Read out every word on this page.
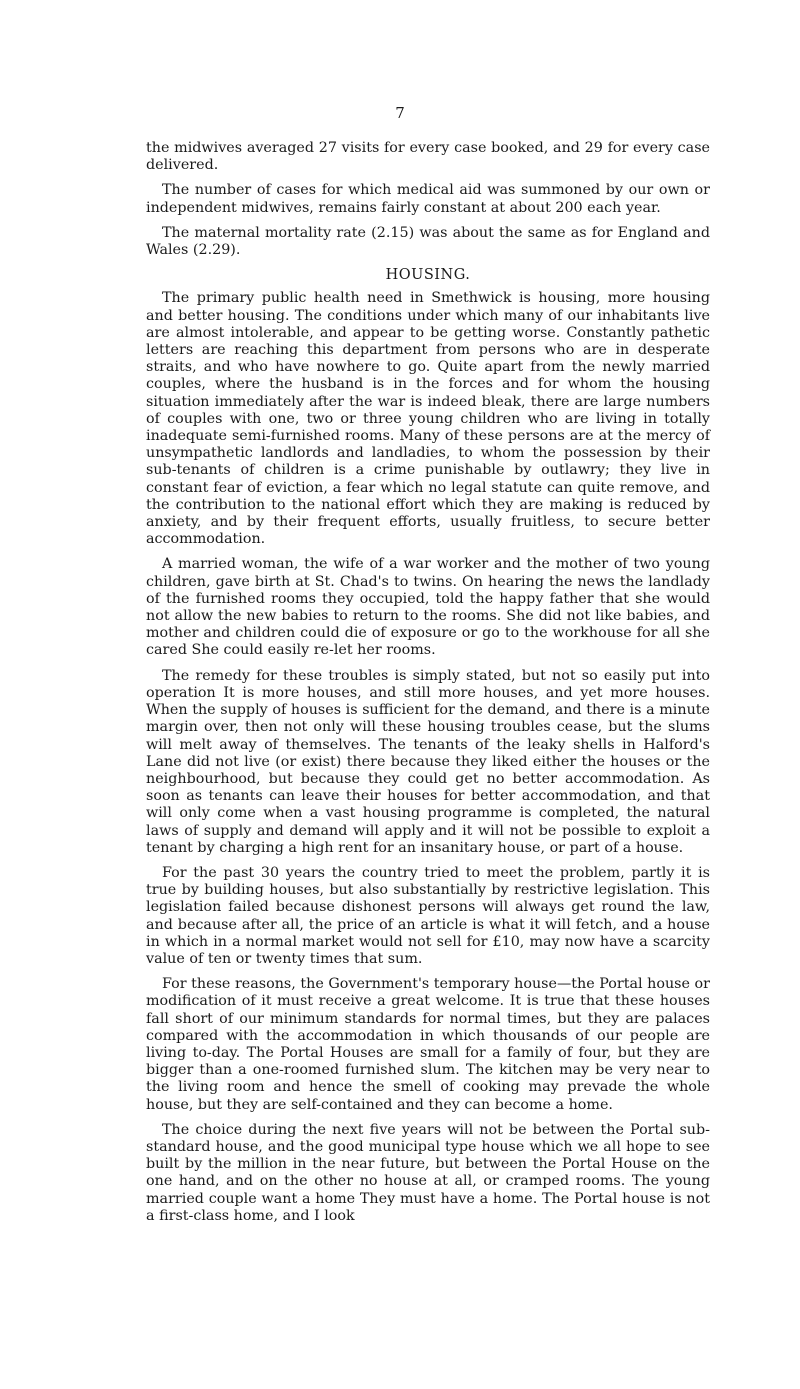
7

the midwives averaged 27 visits for every case booked, and 29 for every case delivered.

The number of cases for which medical aid was summoned by our own or independent midwives, remains fairly constant at about 200 each year.

The maternal mortality rate (2.15) was about the same as for England and Wales (2.29).

HOUSING.

The primary public health need in Smethwick is housing, more housing and better housing. The conditions under which many of our inhabitants live are almost intolerable, and appear to be getting worse. Constantly pathetic letters are reaching this department from persons who are in desperate straits, and who have nowhere to go. Quite apart from the newly married couples, where the husband is in the forces and for whom the housing situation immediately after the war is indeed bleak, there are large numbers of couples with one, two or three young children who are living in totally inadequate semi-furnished rooms. Many of these persons are at the mercy of unsympathetic landlords and landladies, to whom the possession by their sub-tenants of children is a crime punishable by outlawry; they live in constant fear of eviction, a fear which no legal statute can quite remove, and the contribution to the national effort which they are making is reduced by anxiety, and by their frequent efforts, usually fruitless, to secure better accommodation.

A married woman, the wife of a war worker and the mother of two young children, gave birth at St. Chad's to twins. On hearing the news the landlady of the furnished rooms they occupied, told the happy father that she would not allow the new babies to return to the rooms. She did not like babies, and mother and children could die of exposure or go to the workhouse for all she cared She could easily re-let her rooms.

The remedy for these troubles is simply stated, but not so easily put into operation It is more houses, and still more houses, and yet more houses. When the supply of houses is sufficient for the demand, and there is a minute margin over, then not only will these housing troubles cease, but the slums will melt away of themselves. The tenants of the leaky shells in Halford's Lane did not live (or exist) there because they liked either the houses or the neighbourhood, but because they could get no better accommodation. As soon as tenants can leave their houses for better accommodation, and that will only come when a vast housing programme is completed, the natural laws of supply and demand will apply and it will not be possible to exploit a tenant by charging a high rent for an insanitary house, or part of a house.

For the past 30 years the country tried to meet the problem, partly it is true by building houses, but also substantially by restrictive legislation. This legislation failed because dishonest persons will always get round the law, and because after all, the price of an article is what it will fetch, and a house in which in a normal market would not sell for £10, may now have a scarcity value of ten or twenty times that sum.

For these reasons, the Government's temporary house—the Portal house or modification of it must receive a great welcome. It is true that these houses fall short of our minimum standards for normal times, but they are palaces compared with the accommodation in which thousands of our people are living to-day. The Portal Houses are small for a family of four, but they are bigger than a one-roomed furnished slum. The kitchen may be very near to the living room and hence the smell of cooking may prevade the whole house, but they are self-contained and they can become a home.

The choice during the next five years will not be between the Portal sub-standard house, and the good municipal type house which we all hope to see built by the million in the near future, but between the Portal House on the one hand, and on the other no house at all, or cramped rooms. The young married couple want a home They must have a home. The Portal house is not a first-class home, and I look
